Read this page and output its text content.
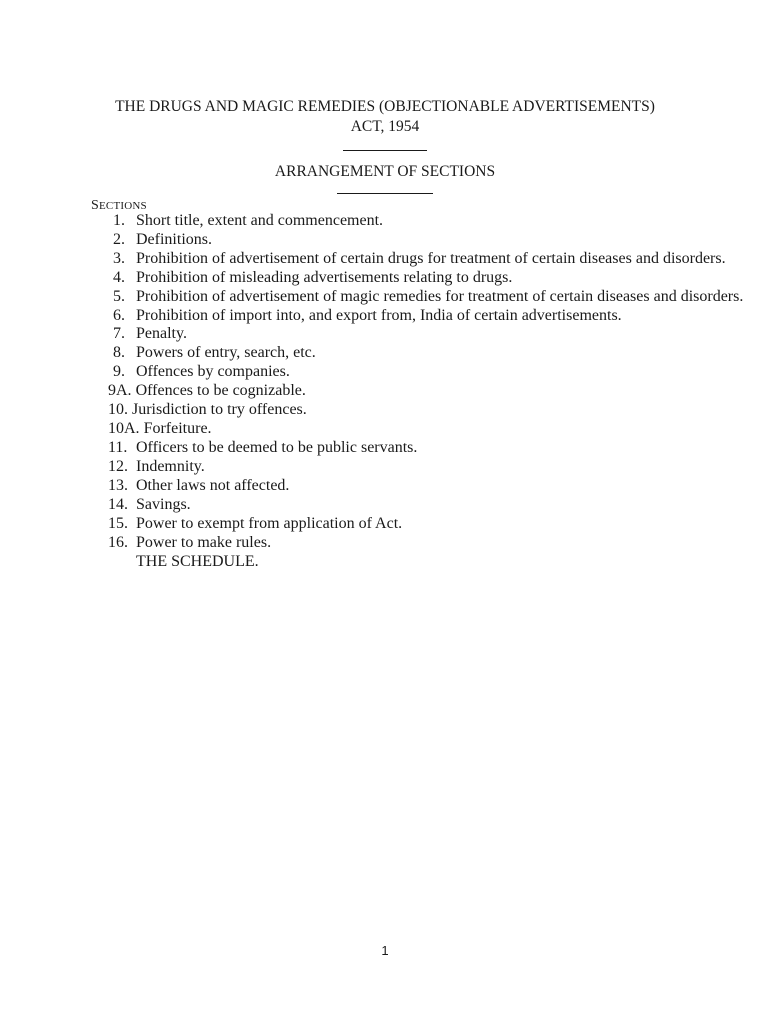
THE DRUGS AND MAGIC REMEDIES (OBJECTIONABLE ADVERTISEMENTS)
ACT, 1954
ARRANGEMENT OF SECTIONS
SECTIONS
1. Short title, extent and commencement.
2. Definitions.
3. Prohibition of advertisement of certain drugs for treatment of certain diseases and disorders.
4. Prohibition of misleading advertisements relating to drugs.
5. Prohibition of advertisement of magic remedies for treatment of certain diseases and disorders.
6. Prohibition of import into, and export from, India of certain advertisements.
7. Penalty.
8. Powers of entry, search, etc.
9. Offences by companies.
9A. Offences to be cognizable.
10. Jurisdiction to try offences.
10A. Forfeiture.
11. Officers to be deemed to be public servants.
12. Indemnity.
13. Other laws not affected.
14. Savings.
15. Power to exempt from application of Act.
16. Power to make rules.
THE SCHEDULE.
1
